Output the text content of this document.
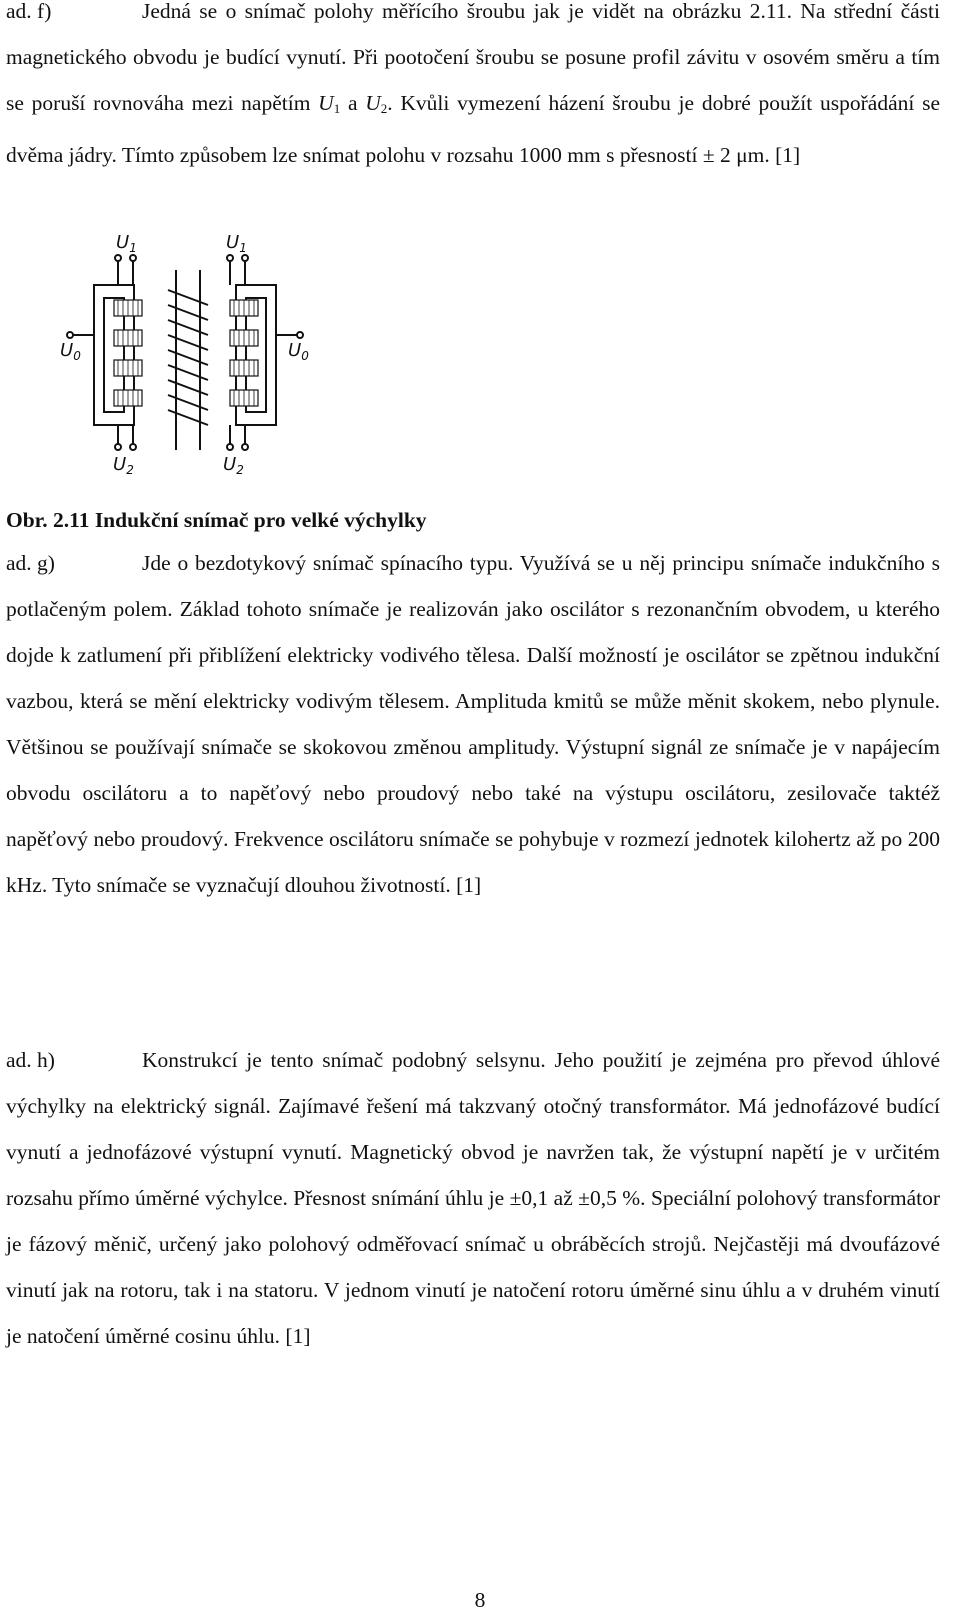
ad. f)	Jedná se o snímač polohy měřícího šroubu jak je vidět na obrázku 2.11. Na střední části magnetického obvodu je budící vynutí. Při pootočení šroubu se posune profil závitu v osovém směru a tím se poruší rovnováha mezi napětím $U_1$ a $U_2$. Kvůli vymezení házení šroubu je dobré použít uspořádání se dvěma jádry. Tímto způsobem lze snímat polohu v rozsahu 1000 mm s přesností ± 2 μm. [1]

$U_1$	$U_1$
$U_0$	$U_0$
$U_2$	$U_2$
Obr. 2.11 Indukční snímač pro velké výchylky

ad. g)	Jde o bezdotykový snímač spínacího typu. Využívá se u něj principu snímače indukčního s potlačeným polem. Základ tohoto snímače je realizován jako oscilátor s rezonančním obvodem, u kterého dojde k zatlumení při přiblížení elektricky vodivého tělesa. Další možností je oscilátor se zpětnou indukční vazbou, která se mění elektricky vodivým tělesem. Amplituda kmitů se může měnit skokem, nebo plynule. Většinou se používají snímače se skokovou změnou amplitudy. Výstupní signál ze snímače je v napájecím obvodu oscilátoru a to napěťový nebo proudový nebo také na výstupu oscilátoru, zesilovače taktéž napěťový nebo proudový. Frekvence oscilátoru snímače se pohybuje v rozmezí jednotek kilohertz až po 200 kHz. Tyto snímače se vyznačují dlouhou životností. [1]

ad. h)	Konstrukcí je tento snímač podobný selsynu. Jeho použití je zejména pro převod úhlové výchylky na elektrický signál. Zajímavé řešení má takzvaný otočný transformátor. Má jednofázové budící vynutí a jednofázové výstupní vynutí. Magnetický obvod je navržen tak, že výstupní napětí je v určitém rozsahu přímo úměrné výchylce. Přesnost snímání úhlu je ±0,1 až ±0,5 %. Speciální polohový transformátor je fázový měnič, určený jako polohový odměřovací snímač u obráběcích strojů. Nejčastěji má dvoufázové vinutí jak na rotoru, tak i na statoru. V jednom vinutí je natočení rotoru úměrné sinu úhlu a v druhém vinutí je natočení úměrné cosinu úhlu. [1]

8
